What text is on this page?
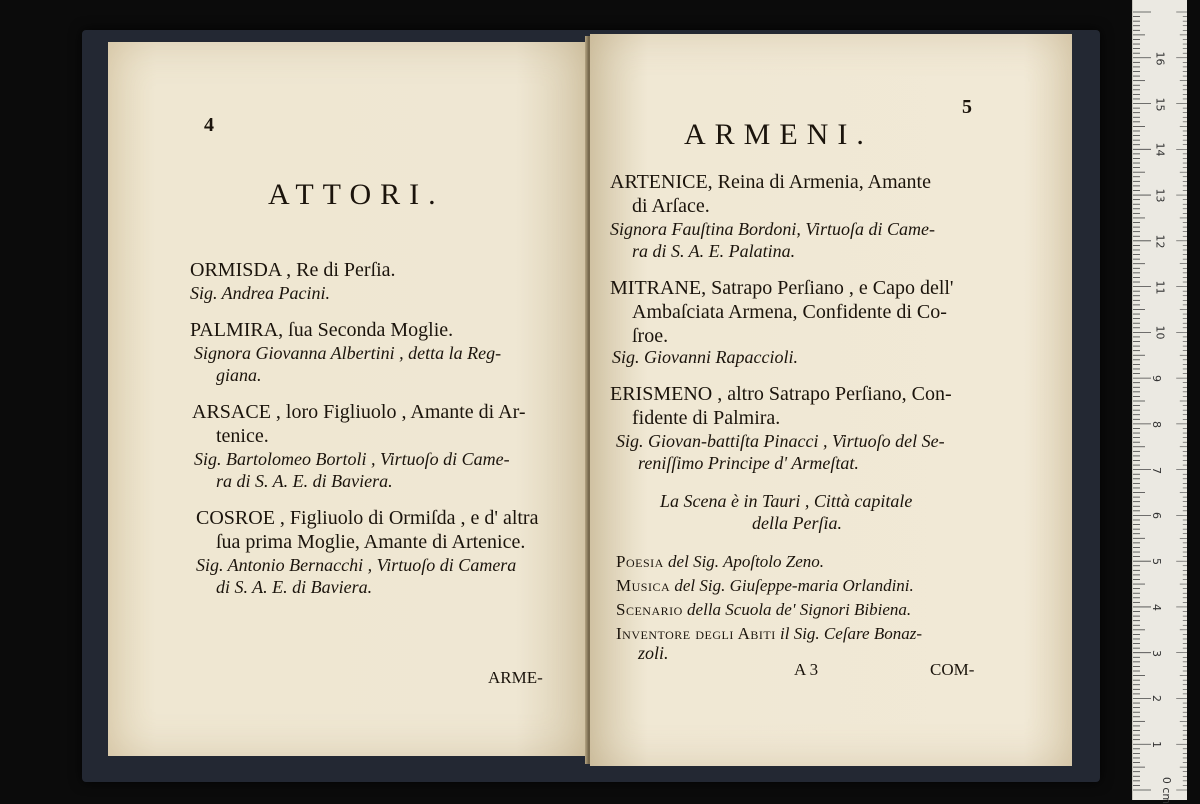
4
ATTORI.
ORMISDA , Re di Perſia.
Sig. Andrea Pacini.
PALMIRA, ſua Seconda Moglie.
Signora Giovanna Albertini , detta la Reg-
giana.
ARSACE , loro Figliuolo , Amante di Ar-
tenice.
Sig. Bartolomeo Bortoli , Virtuoſo di Came-
ra di S. A. E. di Baviera.
COSROE , Figliuolo di Ormiſda , e d' altra
ſua prima Moglie, Amante di Artenice.
Sig. Antonio Bernacchi , Virtuoſo di Camera
di S. A. E. di Baviera.
ARME-
5
ARMENI.
ARTENICE, Reina di Armenia, Amante
di Arſace.
Signora Fauſtina Bordoni, Virtuoſa di Came-
ra di S. A. E. Palatina.
MITRANE, Satrapo Perſiano , e Capo dell'
Ambaſciata Armena, Confidente di Co-
ſroe.
Sig. Giovanni Rapaccioli.
ERISMENO , altro Satrapo Perſiano, Con-
fidente di Palmira.
Sig. Giovan-battiſta Pinacci , Virtuoſo del Se-
reniſſimo Principe d' Armeſtat.
La Scena è in Tauri , Città capitale
della Perſia.
Poesia del Sig. Apoſtolo Zeno.
Musica del Sig. Giuſeppe-maria Orlandini.
Scenario della Scuola de' Signori Bibiena.
Inventore degli Abiti il Sig. Ceſare Bonaz-
zoli.
A 3	COM-
0 cm
1
2
3
4
5
6
7
8
9
10
11
12
13
14
15
16
